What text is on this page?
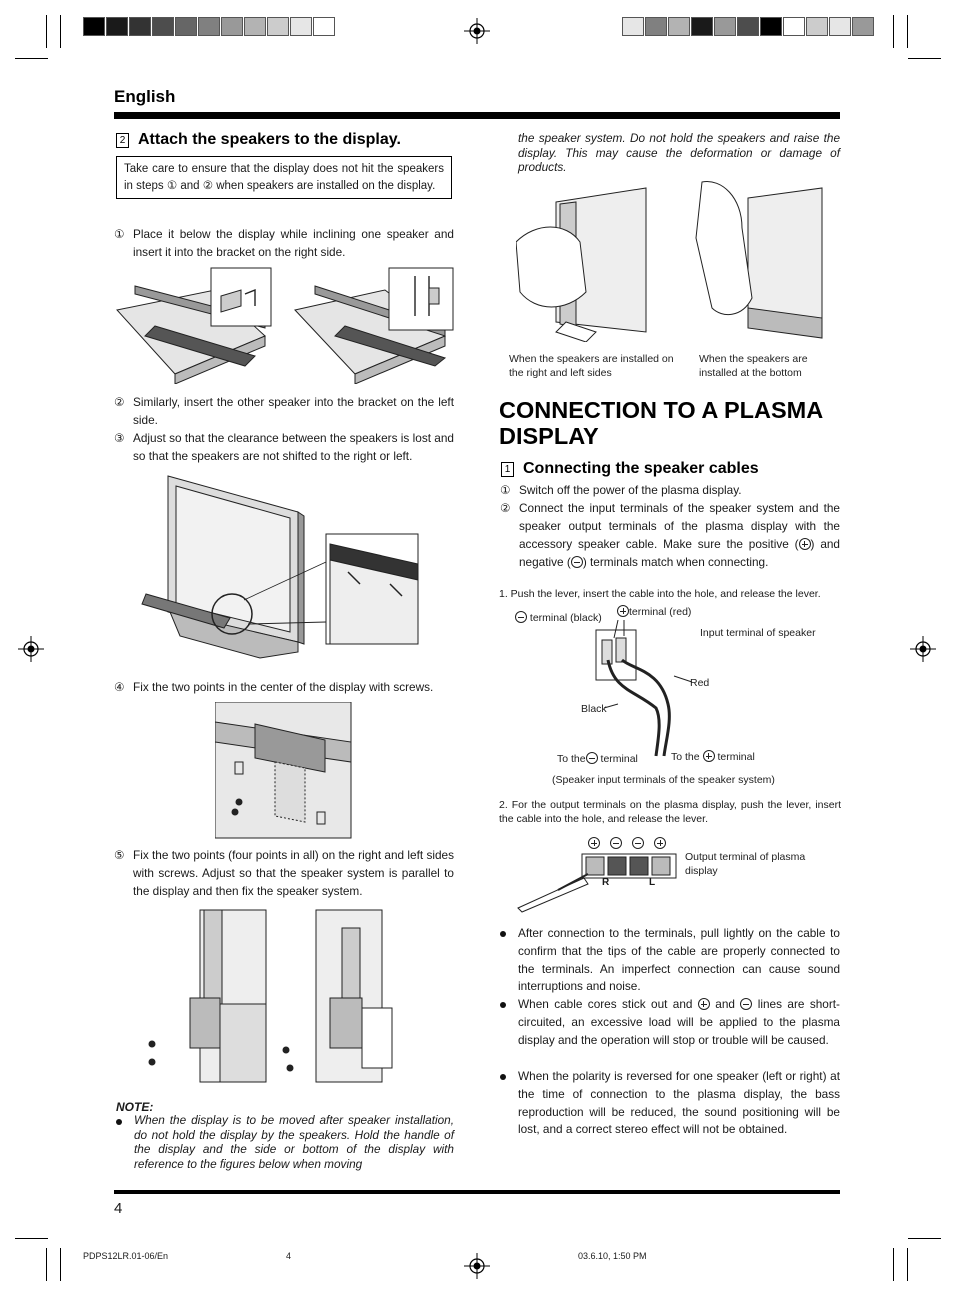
English
2 Attach the speakers to the display.
Take care to ensure that the display does not hit the speakers in steps ① and ② when speakers are installed on the display.
① Place it below the display while inclining one speaker and insert it into the bracket on the right side.
② Similarly, insert the other speaker into the bracket on the left side.
③ Adjust so that the clearance between the speakers is lost and so that the speakers are not shifted to the right or left.
④ Fix the two points in the center of the display with screws.
⑤ Fix the two points (four points in all) on the right and left sides with screws. Adjust so that the speaker system is parallel to the display and then fix the speaker system.
NOTE:
When the display is to be moved after speaker installation, do not hold the display by the speakers. Hold the handle of the display and the side or bottom of the display with reference to the figures below when moving
the speaker system. Do not hold the speakers and raise the display. This may cause the deformation or damage of products.
When the speakers are installed on the right and left sides
When the speakers are installed at the bottom
CONNECTION TO A PLASMA DISPLAY
1 Connecting the speaker cables
① Switch off the power of the plasma display.
② Connect the input terminals of the speaker system and the speaker output terminals of the plasma display with the accessory speaker cable. Make sure the positive ( ) and negative ( ) terminals match when connecting.
1. Push the lever, insert the cable into the hole, and release the lever.
terminal (black)	terminal (red)
Input terminal of speaker
Red
Black
To the terminal	To the terminal
(Speaker input terminals of the speaker system)
2. For the output terminals on the plasma display, push the lever, insert the cable into the hole, and release the lever.
R	L
Output terminal of plasma display
After connection to the terminals, pull lightly on the cable to confirm that the tips of the cable are properly connected to the terminals. An imperfect connection can cause sound interruptions and noise.
When cable cores stick out and and lines are short-circuited, an excessive load will be applied to the plasma display and the operation will stop or trouble will be caused.
When the polarity is reversed for one speaker (left or right) at the time of connection to the plasma display, the bass reproduction will be reduced, the sound positioning will be lost, and a correct stereo effect will not be obtained.
4
PDPS12LR.01-06/En	4	03.6.10, 1:50 PM
